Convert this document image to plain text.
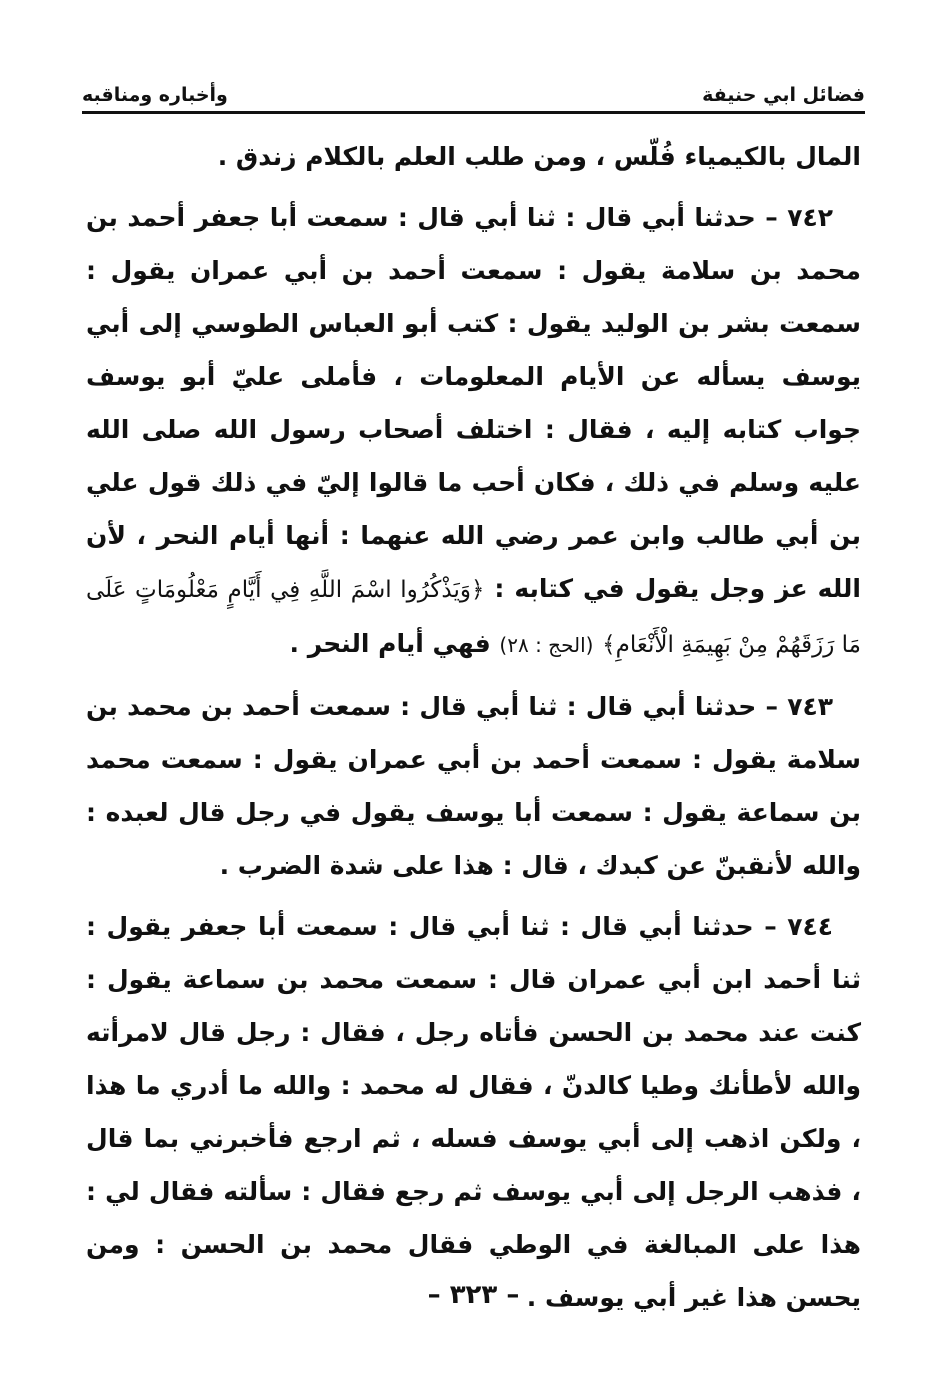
فضائل ابي حنيفة
وأخباره ومناقبه

المال بالكيمياء فُلّس ، ومن طلب العلم بالكلام زندق .

٧٤٢ – حدثنا أبي قال : ثنا أبي قال : سمعت أبا جعفر أحمد بن محمد بن سلامة يقول : سمعت أحمد بن أبي عمران يقول : سمعت بشر بن الوليد يقول : كتب أبو العباس الطوسي إلى أبي يوسف يسأله عن الأيام المعلومات ، فأملى عليّ أبو يوسف جواب كتابه إليه ، فقال : اختلف أصحاب رسول الله صلى الله عليه وسلم في ذلك ، فكان أحب ما قالوا إليّ في ذلك قول علي بن أبي طالب وابن عمر رضي الله عنهما : أنها أيام النحر ، لأن الله عز وجل يقول في كتابه : ﴿وَيَذْكُرُوا اسْمَ اللَّهِ فِي أَيَّامٍ مَعْلُومَاتٍ عَلَى مَا رَزَقَهُمْ مِنْ بَهِيمَةِ الْأَنْعَامِ﴾ (الحج : ٢٨) فهي أيام النحر .

٧٤٣ – حدثنا أبي قال : ثنا أبي قال : سمعت أحمد بن محمد بن سلامة يقول : سمعت أحمد بن أبي عمران يقول : سمعت محمد بن سماعة يقول : سمعت أبا يوسف يقول في رجل قال لعبده : والله لأنقبنّ عن كبدك ، قال : هذا على شدة الضرب .

٧٤٤ – حدثنا أبي قال : ثنا أبي قال : سمعت أبا جعفر يقول : ثنا أحمد ابن أبي عمران قال : سمعت محمد بن سماعة يقول : كنت عند محمد بن الحسن فأتاه رجل ، فقال : رجل قال لامرأته والله لأطأنك وطيا كالدنّ ، فقال له محمد : والله ما أدري ما هذا ، ولكن اذهب إلى أبي يوسف فسله ، ثم ارجع فأخبرني بما قال ، فذهب الرجل إلى أبي يوسف ثم رجع فقال : سألته فقال لي : هذا على المبالغة في الوطي فقال محمد بن الحسن : ومن يحسن هذا غير أبي يوسف .

– ٣٢٣ –
